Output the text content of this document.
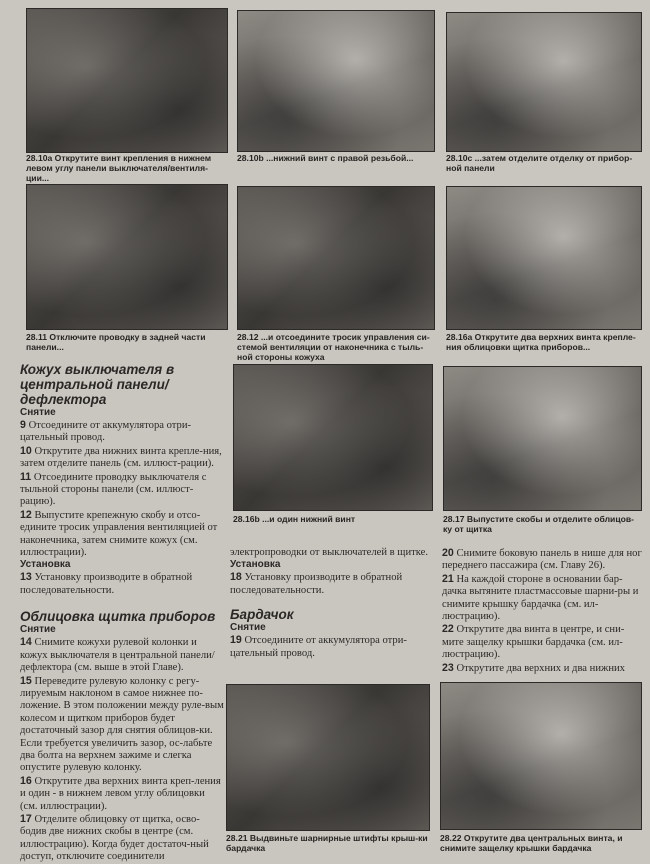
28.10a Открутите винт крепления в нижнем левом углу панели выключателя/вентиля-ции...
28.10b ...нижний винт с правой резьбой...	28.10c ...затем отделите отделку от прибор-ной панели
28.11 Отключите проводку в задней части панели...
28.12 ...и отсоедините тросик управления си-стемой вентиляции от наконечника с тыль-ной стороны кожуха
28.16a Открутите два верхних винта крепле-ния облицовки щитка приборов...
28.16b ...и один нижний винт	28.17 Выпустите скобы и отделите облицов-ку от щитка
28.21 Выдвиньте шарнирные штифты крыш-ки бардачка
28.22 Открутите два центральных винта, и снимите защелку крышки бардачка

Кожух выключателя в центральной панели/ дефлектора

Снятие

9 Отсоедините от аккумулятора отри-цательный провод.

10 Открутите два нижних винта крепле-ния, затем отделите панель (см. иллюст-рации).

11 Отсоедините проводку выключателя с тыльной стороны панели (см. иллюст-рацию).

12 Выпустите крепежную скобу и отсо-едините тросик управления вентиляцией от наконечника, затем снимите кожух (см. иллюстрации).

Установка

13 Установку производите в обратной последовательности.

Облицовка щитка приборов

Снятие

14 Снимите кожухи рулевой колонки и кожух выключателя в центральной панели/дефлектора (см. выше в этой Главе).

15 Переведите рулевую колонку с регу-лируемым наклоном в самое нижнее по-ложение. В этом положении между руле-вым колесом и щитком приборов будет достаточный зазор для снятия облицов-ки. Если требуется увеличить зазор, ос-лабьте два болта на верхнем зажиме и слегка опустите рулевую колонку.

16 Открутите два верхних винта креп-ления и один - в нижнем левом углу облицовки (см. иллюстрации).

17 Отделите облицовку от щитка, осво-бодив две нижних скобы в центре (см. иллюстрацию). Когда будет достаточ-ный доступ, отключите соединители

электропроводки от выключателей в щитке.

Установка

18 Установку производите в обратной последовательности.

Бардачок

Снятие

19 Отсоедините от аккумулятора отри-цательный провод.

20 Снимите боковую панель в нише для ног переднего пассажира (см. Главу 26).

21 На каждой стороне в основании бар-дачка вытяните пластмассовые шарни-ры и снимите крышку бардачка (см. ил-люстрацию).

22 Открутите два винта в центре, и сни-мите защелку крышки бардачка (см. ил-люстрацию).

23 Открутите два верхних и два нижних
